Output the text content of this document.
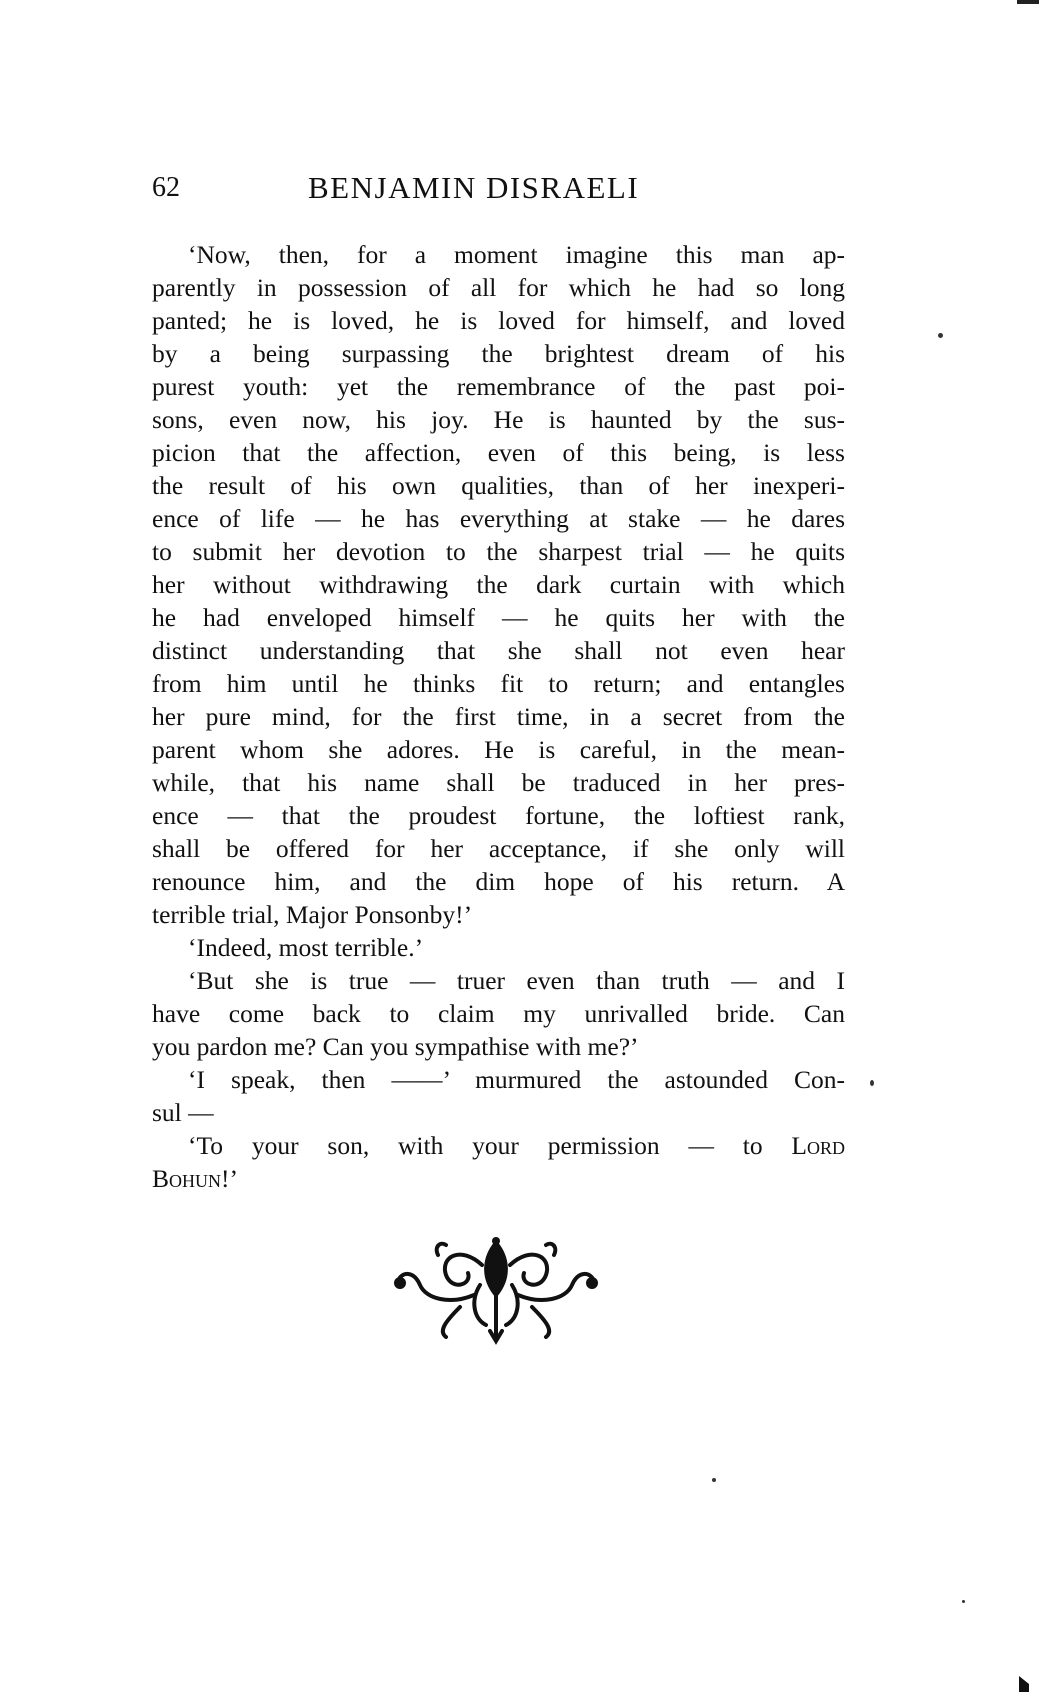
62	BENJAMIN DISRAELI
‘Now, then, for a moment imagine this man ap-
parently in possession of all for which he had so long
panted; he is loved, he is loved for himself, and loved
by a being surpassing the brightest dream of his
purest youth: yet the remembrance of the past poi-
sons, even now, his joy. He is haunted by the sus-
picion that the affection, even of this being, is less
the result of his own qualities, than of her inexperi-
ence of life — he has everything at stake — he dares
to submit her devotion to the sharpest trial — he quits
her without withdrawing the dark curtain with which
he had enveloped himself — he quits her with the
distinct understanding that she shall not even hear
from him until he thinks fit to return; and entangles
her pure mind, for the first time, in a secret from the
parent whom she adores. He is careful, in the mean-
while, that his name shall be traduced in her pres-
ence — that the proudest fortune, the loftiest rank,
shall be offered for her acceptance, if she only will
renounce him, and the dim hope of his return. A
terrible trial, Major Ponsonby!’
‘Indeed, most terrible.’
‘But she is true — truer even than truth — and I
have come back to claim my unrivalled bride. Can
you pardon me? Can you sympathise with me?’
‘I speak, then ——’ murmured the astounded Con-
sul —
‘To your son, with your permission — to Lord
Bohun!’
